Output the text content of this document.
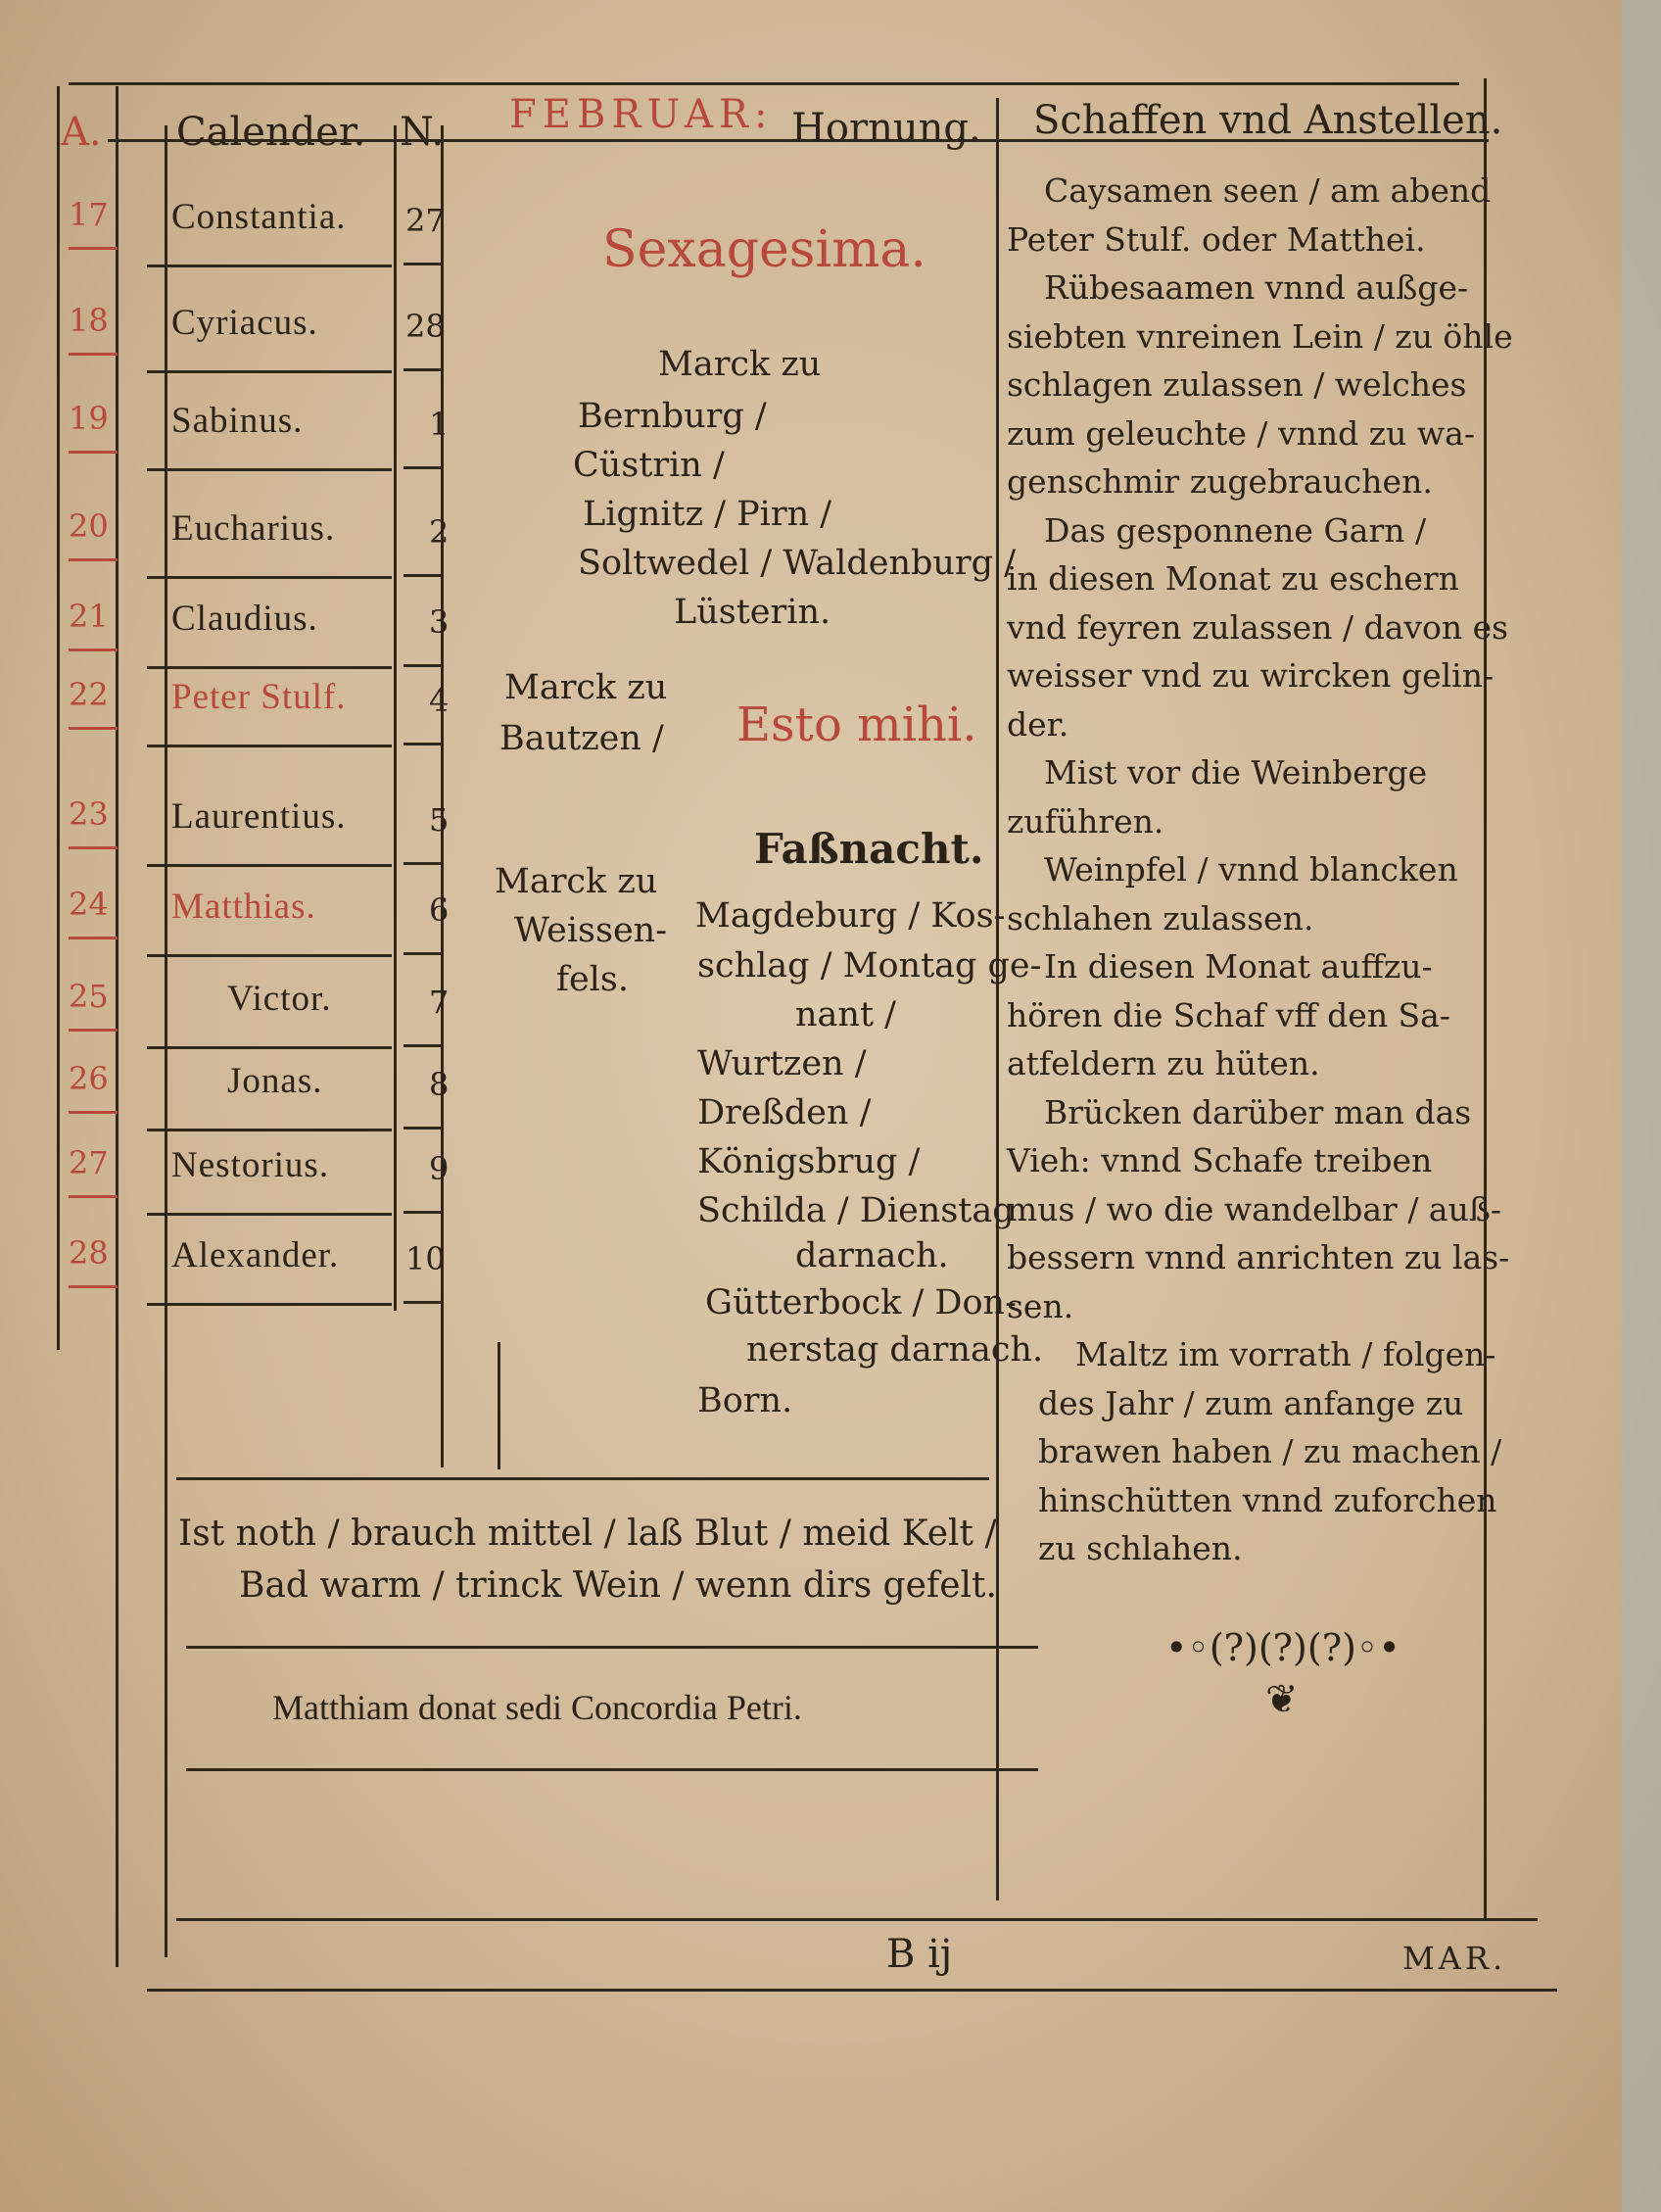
A. Calender. N. FEBRUAR: Hornung. Schaffen vnd Anstellen.
17 Constantia. 27
18 Cyriacus.	28
19 Sabinus.	1
20 Eucharius.	2
21 Claudius.	3
22 Peter Stulf.	4
23 Laurentius.	5
24 Matthias.	6
25	Victor.	7
26	Jonas.	8
27 Nestorius.	9
28 Alexander. 10
Sexagesima.
Marck zu
Bernburg /
Cüstrin /
Lignitz / Pirn /
Soltwedel / Waldenburg /
Lüsterin.
Marck zu
Bautzen / Esto mihi.
Faßnacht.
Marck zu
Weissen-
fels.
Magdeburg / Kos-
schlag / Montag ge-
nant /
Wurtzen /
Dreßden /
Königsbrug /
Schilda / Dienstag
darnach.
Gütterbock / Don-
nerstag darnach.
Born.
Ist noth / brauch mittel / laß Blut / meid Kelt /
Bad warm / trinck Wein / wenn dirs gefelt.
Matthiam donat sedi Concordia Petri.
Caysamen seen / am abend
Peter Stulf. oder Matthei.
Rübesaamen vnnd außge-
siebten vnreinen Lein / zu öhle
schlagen zulassen / welches
zum geleuchte / vnnd zu wa-
genschmir zugebrauchen.
Das gesponnene Garn /
in diesen Monat zu eschern
vnd feyren zulassen / davon es
weisser vnd zu wircken gelin-
der.
Mist vor die Weinberge
zuführen.
Weinpfel / vnnd blancken
schlahen zulassen.
In diesen Monat auffzu-
hören die Schaf vff den Sa-
atfeldern zu hüten.
Brücken darüber man das
Vieh: vnnd Schafe treiben
mus / wo die wandelbar / auß-
bessern vnnd anrichten zu las-
sen.
Maltz im vorrath / folgen-
des Jahr / zum anfange zu
brawen haben / zu machen /
hinschütten vnnd zuforchen
zu schlahen.
•◦(?)(?)(?)◦•
❦
B ij	MAR.
